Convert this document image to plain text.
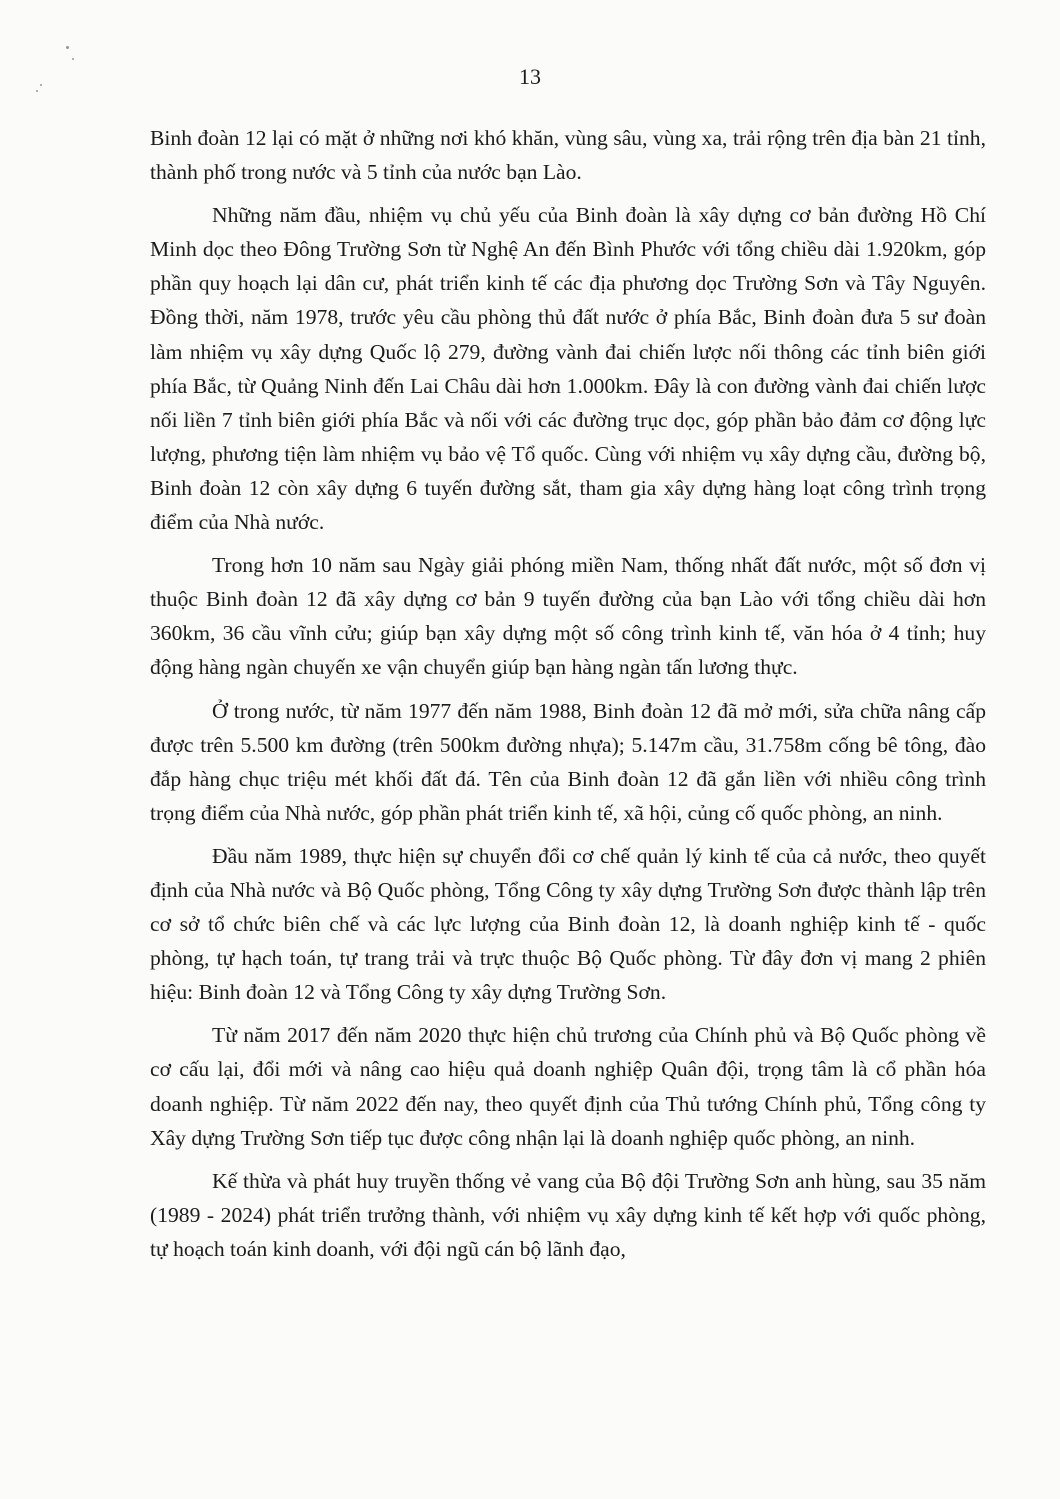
13

Binh đoàn 12 lại có mặt ở những nơi khó khăn, vùng sâu, vùng xa, trải rộng trên địa bàn 21 tỉnh, thành phố trong nước và 5 tỉnh của nước bạn Lào.

Những năm đầu, nhiệm vụ chủ yếu của Binh đoàn là xây dựng cơ bản đường Hồ Chí Minh dọc theo Đông Trường Sơn từ Nghệ An đến Bình Phước với tổng chiều dài 1.920km, góp phần quy hoạch lại dân cư, phát triển kinh tế các địa phương dọc Trường Sơn và Tây Nguyên. Đồng thời, năm 1978, trước yêu cầu phòng thủ đất nước ở phía Bắc, Binh đoàn đưa 5 sư đoàn làm nhiệm vụ xây dựng Quốc lộ 279, đường vành đai chiến lược nối thông các tỉnh biên giới phía Bắc, từ Quảng Ninh đến Lai Châu dài hơn 1.000km. Đây là con đường vành đai chiến lược nối liền 7 tỉnh biên giới phía Bắc và nối với các đường trục dọc, góp phần bảo đảm cơ động lực lượng, phương tiện làm nhiệm vụ bảo vệ Tổ quốc. Cùng với nhiệm vụ xây dựng cầu, đường bộ, Binh đoàn 12 còn xây dựng 6 tuyến đường sắt, tham gia xây dựng hàng loạt công trình trọng điểm của Nhà nước.

Trong hơn 10 năm sau Ngày giải phóng miền Nam, thống nhất đất nước, một số đơn vị thuộc Binh đoàn 12 đã xây dựng cơ bản 9 tuyến đường của bạn Lào với tổng chiều dài hơn 360km, 36 cầu vĩnh cửu; giúp bạn xây dựng một số công trình kinh tế, văn hóa ở 4 tỉnh; huy động hàng ngàn chuyến xe vận chuyển giúp bạn hàng ngàn tấn lương thực.

Ở trong nước, từ năm 1977 đến năm 1988, Binh đoàn 12 đã mở mới, sửa chữa nâng cấp được trên 5.500 km đường (trên 500km đường nhựa); 5.147m cầu, 31.758m cống bê tông, đào đắp hàng chục triệu mét khối đất đá. Tên của Binh đoàn 12 đã gắn liền với nhiều công trình trọng điểm của Nhà nước, góp phần phát triển kinh tế, xã hội, củng cố quốc phòng, an ninh.

Đầu năm 1989, thực hiện sự chuyển đổi cơ chế quản lý kinh tế của cả nước, theo quyết định của Nhà nước và Bộ Quốc phòng, Tổng Công ty xây dựng Trường Sơn được thành lập trên cơ sở tổ chức biên chế và các lực lượng của Binh đoàn 12, là doanh nghiệp kinh tế - quốc phòng, tự hạch toán, tự trang trải và trực thuộc Bộ Quốc phòng. Từ đây đơn vị mang 2 phiên hiệu: Binh đoàn 12 và Tổng Công ty xây dựng Trường Sơn.

Từ năm 2017 đến năm 2020 thực hiện chủ trương của Chính phủ và Bộ Quốc phòng về cơ cấu lại, đổi mới và nâng cao hiệu quả doanh nghiệp Quân đội, trọng tâm là cổ phần hóa doanh nghiệp. Từ năm 2022 đến nay, theo quyết định của Thủ tướng Chính phủ, Tổng công ty Xây dựng Trường Sơn tiếp tục được công nhận lại là doanh nghiệp quốc phòng, an ninh.

Kế thừa và phát huy truyền thống vẻ vang của Bộ đội Trường Sơn anh hùng, sau 35 năm (1989 - 2024) phát triển trưởng thành, với nhiệm vụ xây dựng kinh tế kết hợp với quốc phòng, tự hoạch toán kinh doanh, với đội ngũ cán bộ lãnh đạo,
